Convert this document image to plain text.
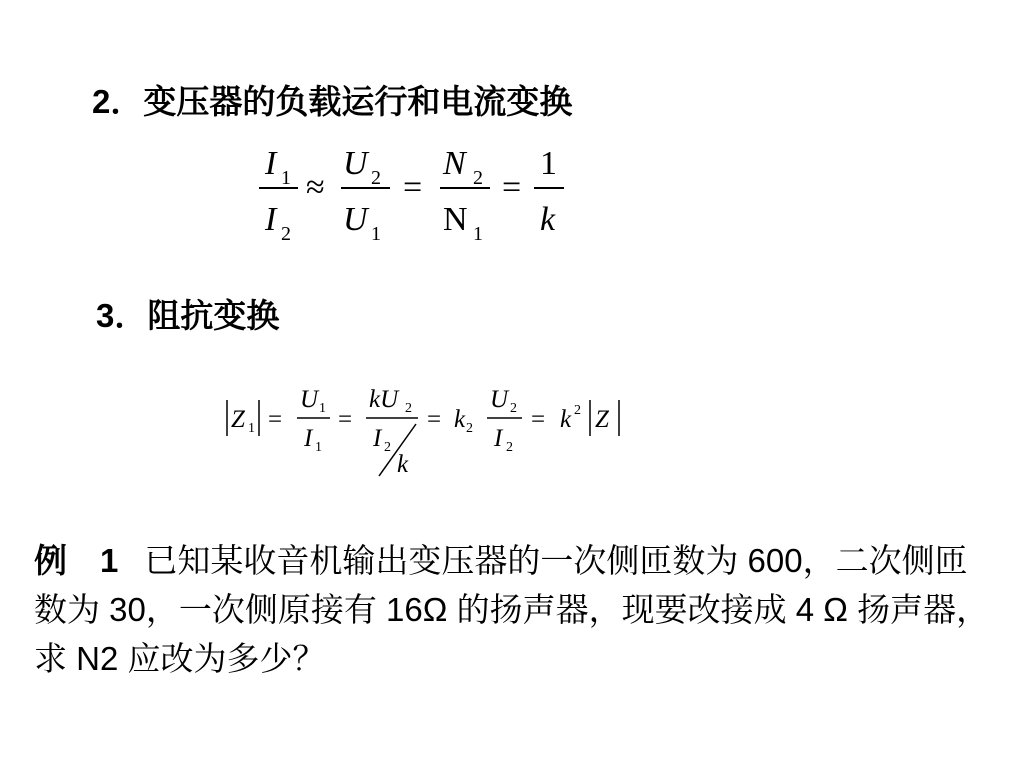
2．变压器的负载运行和电流变换
I 1
I 2
≈
U 2
U 1
=
N 2
N 1
=
1
k
Z 1 =
U 1
I 1
=
kU 2
I 2
k
= k 2
U 2
I 2
= k 2 Z
3．阻抗变换
例　1 已知某收音机输出变压器的一次侧匝数为 600，二次侧匝数为 30，一次侧原接有 16Ω 的扬声器，现要改接成 4 Ω 扬声器，求 N2 应改为多少？
